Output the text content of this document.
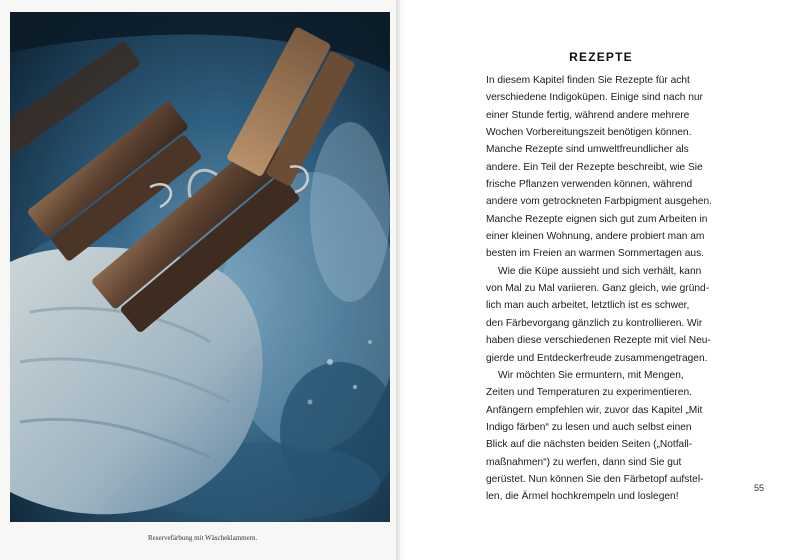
Reservefärbung mit Wäscheklammern.
REZEPTE
In diesem Kapitel finden Sie Rezepte für acht
verschiedene Indigoküpen. Einige sind nach nur
einer Stunde fertig, während andere mehrere
Wochen Vorbereitungszeit benötigen können.
Manche Rezepte sind umweltfreundlicher als
andere. Ein Teil der Rezepte beschreibt, wie Sie
frische Pflanzen verwenden können, während
andere vom getrockneten Farbpigment ausgehen.
Manche Rezepte eignen sich gut zum Arbeiten in
einer kleinen Wohnung, andere probiert man am
besten im Freien an warmen Sommertagen aus.
Wie die Küpe aussieht und sich verhält, kann
von Mal zu Mal variieren. Ganz gleich, wie gründ-
lich man auch arbeitet, letztlich ist es schwer,
den Färbevorgang gänzlich zu kontrollieren. Wir
haben diese verschiedenen Rezepte mit viel Neu-
gierde und Entdeckerfreude zusammengetragen.
Wir möchten Sie ermuntern, mit Mengen,
Zeiten und Temperaturen zu experimentieren.
Anfängern empfehlen wir, zuvor das Kapitel „Mit
Indigo färben“ zu lesen und auch selbst einen
Blick auf die nächsten beiden Seiten („Notfall-
maßnahmen“) zu werfen, dann sind Sie gut
gerüstet. Nun können Sie den Färbetopf aufstel-
len, die Ärmel hochkrempeln und loslegen!
55
